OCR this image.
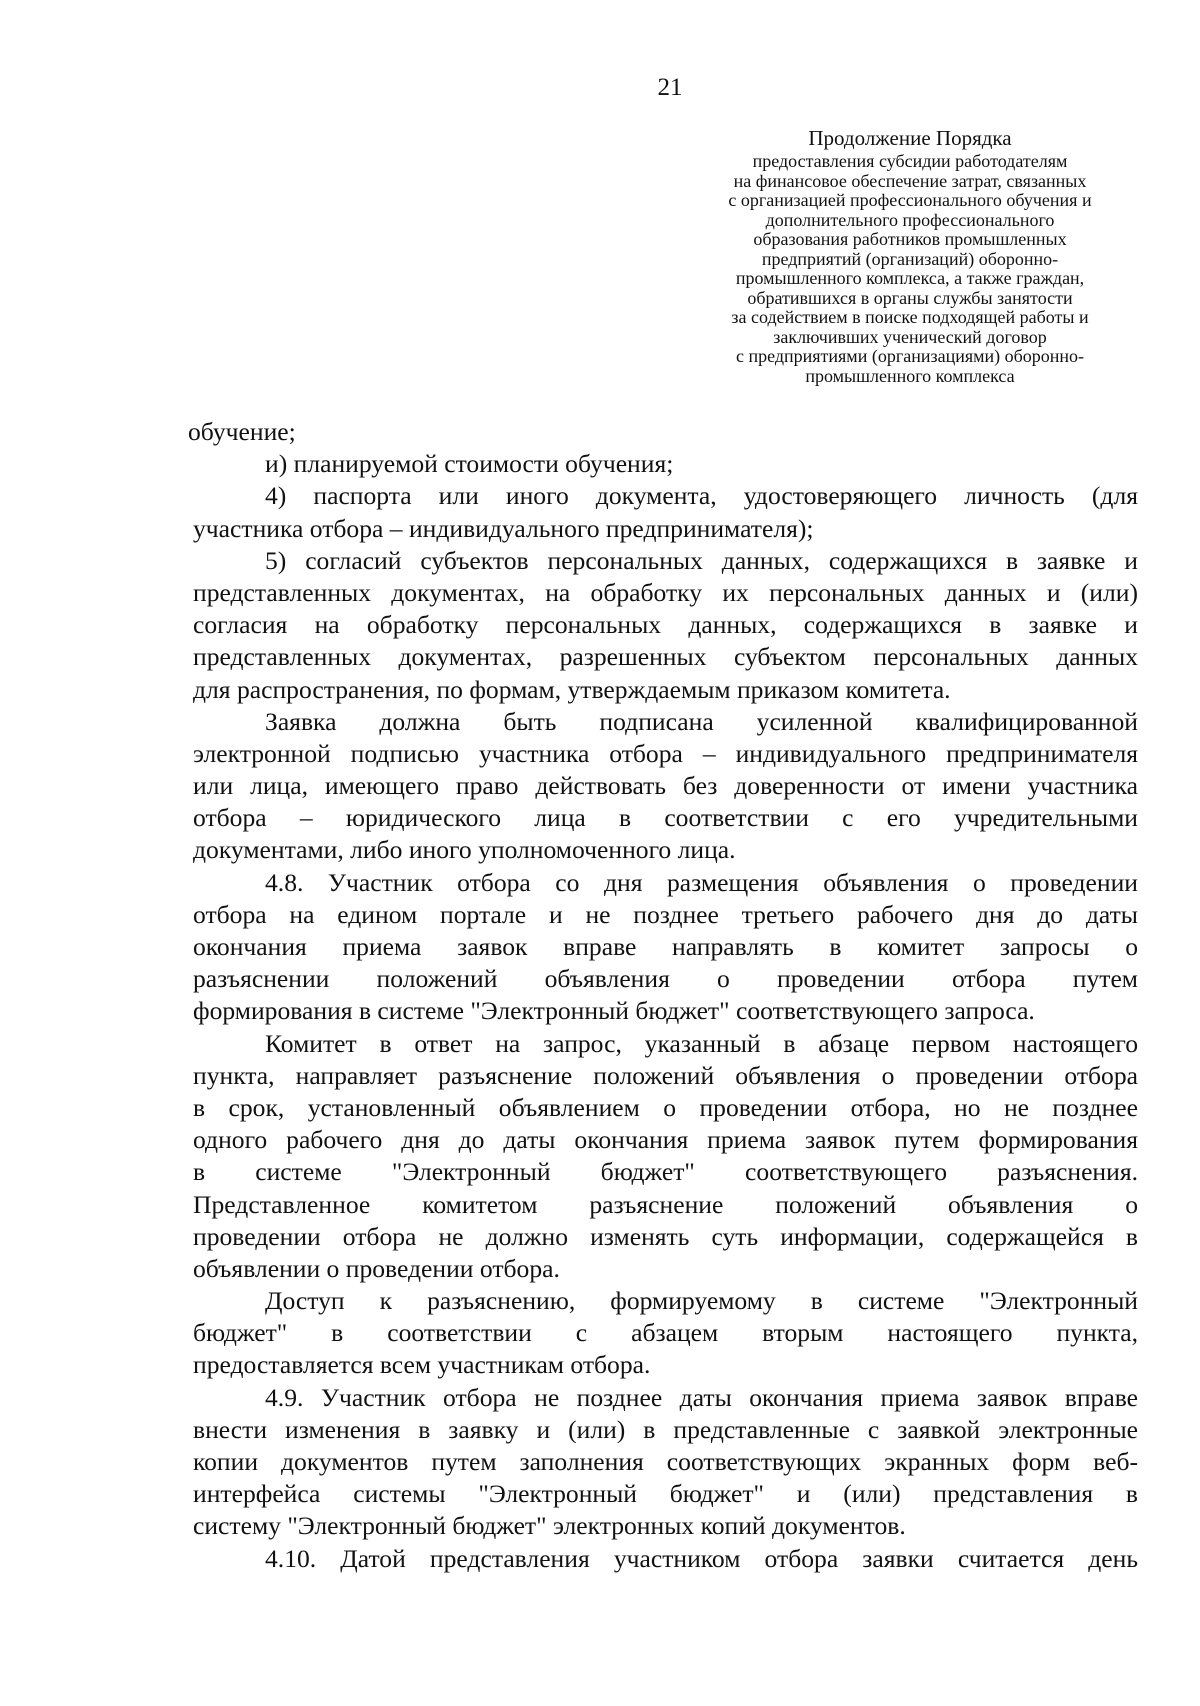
21
Продолжение Порядка
предоставления субсидии работодателям
на финансовое обеспечение затрат, связанных
с организацией профессионального обучения и
дополнительного профессионального
образования работников промышленных
предприятий (организаций) оборонно-
промышленного комплекса, а также граждан,
обратившихся в органы службы занятости
за содействием в поиске подходящей работы и
заключивших ученический договор
с предприятиями (организациями) оборонно-
промышленного комплекса
обучение;
и) планируемой стоимости обучения;
4) паспорта или иного документа, удостоверяющего личность (для
участника отбора – индивидуального предпринимателя);
5) согласий субъектов персональных данных, содержащихся в заявке и
представленных документах, на обработку их персональных данных и (или)
согласия на обработку персональных данных, содержащихся в заявке и
представленных документах, разрешенных субъектом персональных данных
для распространения, по формам, утверждаемым приказом комитета.
Заявка должна быть подписана усиленной квалифицированной
электронной подписью участника отбора – индивидуального предпринимателя
или лица, имеющего право действовать без доверенности от имени участника
отбора – юридического лица в соответствии с его учредительными
документами, либо иного уполномоченного лица.
4.8. Участник отбора со дня размещения объявления о проведении
отбора на едином портале и не позднее третьего рабочего дня до даты
окончания приема заявок вправе направлять в комитет запросы о
разъяснении положений объявления о проведении отбора путем
формирования в системе "Электронный бюджет" соответствующего запроса.
Комитет в ответ на запрос, указанный в абзаце первом настоящего
пункта, направляет разъяснение положений объявления о проведении отбора
в срок, установленный объявлением о проведении отбора, но не позднее
одного рабочего дня до даты окончания приема заявок путем формирования
в системе "Электронный бюджет" соответствующего разъяснения.
Представленное комитетом разъяснение положений объявления о
проведении отбора не должно изменять суть информации, содержащейся в
объявлении о проведении отбора.
Доступ к разъяснению, формируемому в системе "Электронный
бюджет" в соответствии с абзацем вторым настоящего пункта,
предоставляется всем участникам отбора.
4.9. Участник отбора не позднее даты окончания приема заявок вправе
внести изменения в заявку и (или) в представленные с заявкой электронные
копии документов путем заполнения соответствующих экранных форм веб-
интерфейса системы "Электронный бюджет" и (или) представления в
систему "Электронный бюджет" электронных копий документов.
4.10. Датой представления участником отбора заявки считается день
